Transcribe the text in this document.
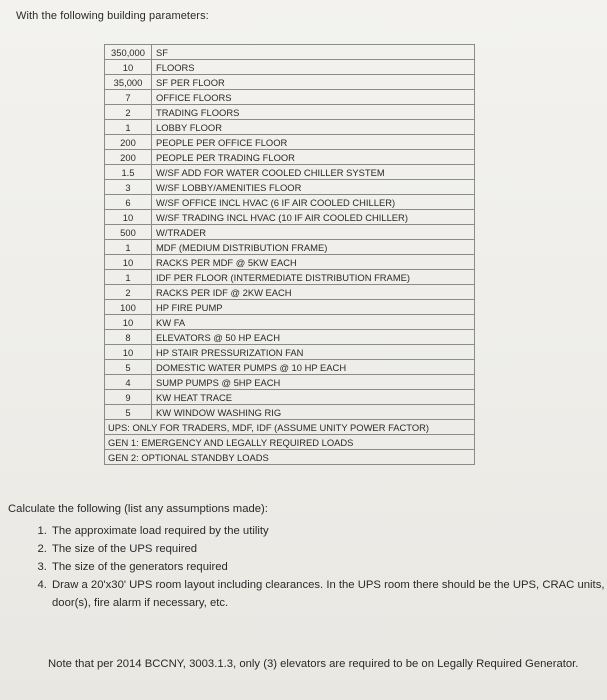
With the following building parameters:
350,000	SF
10	FLOORS
35,000	SF PER FLOOR
7	OFFICE FLOORS
2	TRADING FLOORS
1	LOBBY FLOOR
200	PEOPLE PER OFFICE FLOOR
200	PEOPLE PER TRADING FLOOR
1.5	W/SF ADD FOR WATER COOLED CHILLER SYSTEM
3	W/SF LOBBY/AMENITIES FLOOR
6	W/SF OFFICE INCL HVAC (6 IF AIR COOLED CHILLER)
10	W/SF TRADING INCL HVAC (10 IF AIR COOLED CHILLER)
500	W/TRADER
1	MDF (MEDIUM DISTRIBUTION FRAME)
10	RACKS PER MDF @ 5KW EACH
1	IDF PER FLOOR (INTERMEDIATE DISTRIBUTION FRAME)
2	RACKS PER IDF @ 2KW EACH
100	HP FIRE PUMP
10	KW FA
8	ELEVATORS @ 50 HP EACH
10	HP STAIR PRESSURIZATION FAN
5	DOMESTIC WATER PUMPS @ 10 HP EACH
4	SUMP PUMPS @ 5HP EACH
9	KW HEAT TRACE
5	KW WINDOW WASHING RIG
UPS: ONLY FOR TRADERS, MDF, IDF (ASSUME UNITY POWER FACTOR)	
GEN 1: EMERGENCY AND LEGALLY REQUIRED LOADS	
GEN 2: OPTIONAL STANDBY LOADS	
Calculate the following (list any assumptions made):
1. The approximate load required by the utility
2. The size of the UPS required
3. The size of the generators required
4. Draw a 20'x30' UPS room layout including clearances. In the UPS room there should be the UPS, CRAC units, door(s), fire alarm if necessary, etc.
Note that per 2014 BCCNY, 3003.1.3, only (3) elevators are required to be on Legally Required Generator.
